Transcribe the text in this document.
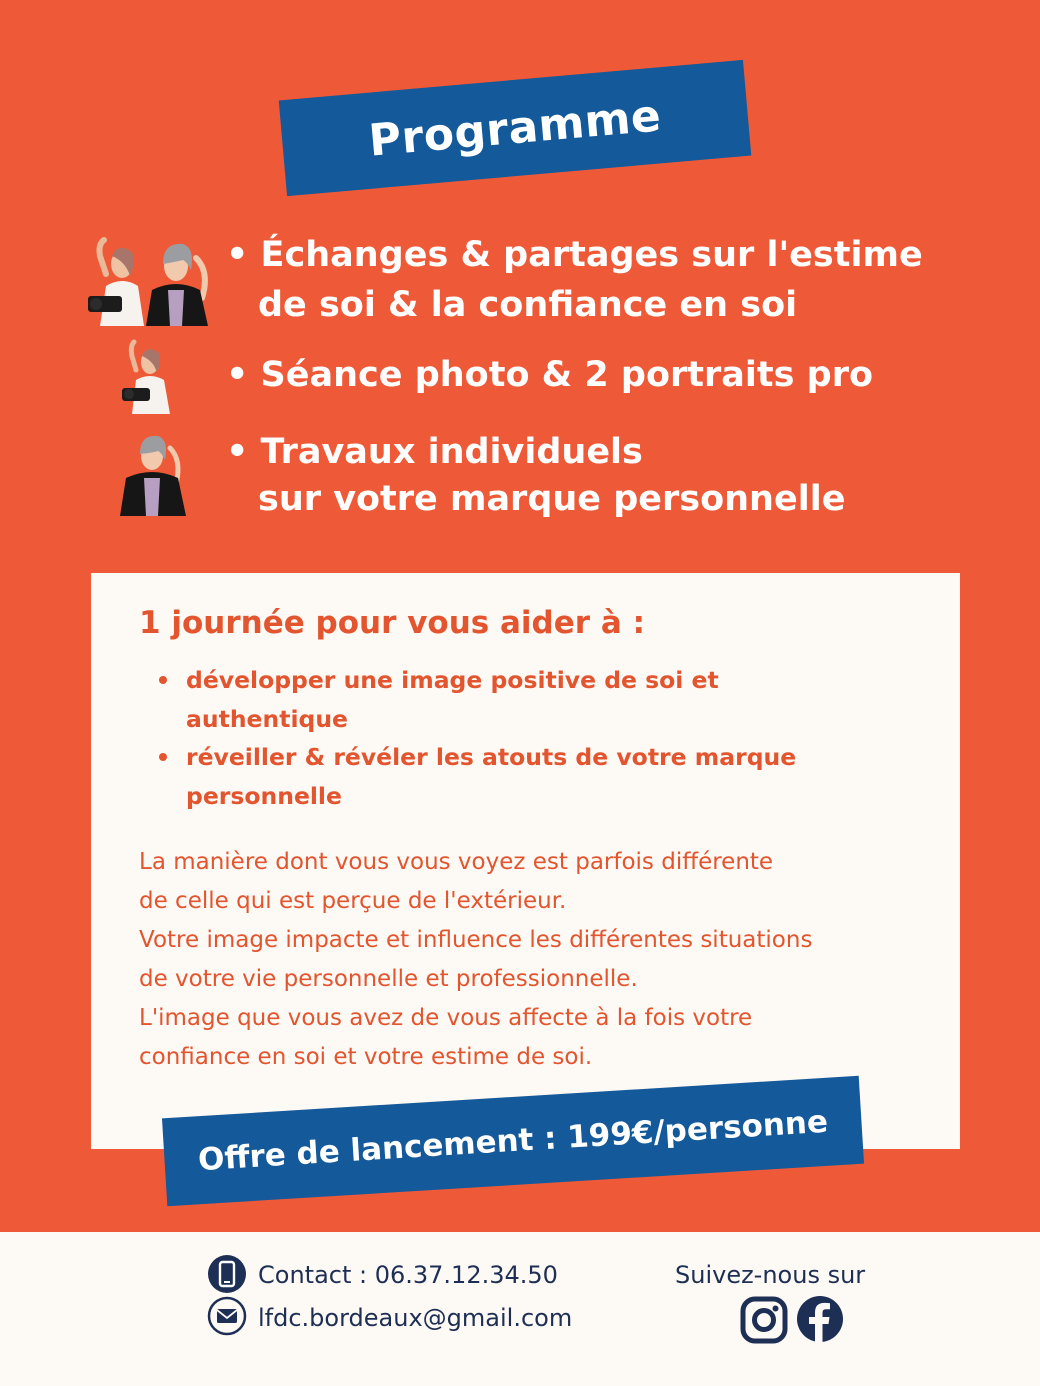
Programme
• Échanges & partages sur l'estime
de soi & la confiance en soi
• Séance photo & 2 portraits pro
• Travaux individuels
sur votre marque personnelle
1 journée pour vous aider à :
développer une image positive de soi et authentique
réveiller & révéler les atouts de votre marque personnelle
La manière dont vous vous voyez est parfois différente
de celle qui est perçue de l'extérieur.
Votre image impacte et influence les différentes situations
de votre vie personnelle et professionnelle.
L'image que vous avez de vous affecte à la fois votre
confiance en soi et votre estime de soi.
Offre de lancement : 199€/personne
Contact : 06.37.12.34.50
lfdc.bordeaux@gmail.com
Suivez-nous sur
